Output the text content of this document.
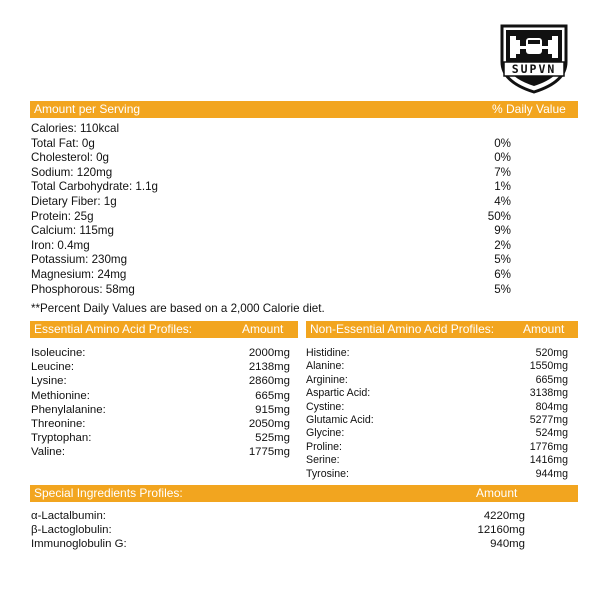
SUPVN
Amount per Serving	% Daily Value
Calories: 110kcal
Total Fat: 0g	0%
Cholesterol: 0g	0%
Sodium: 120mg	7%
Total Carbohydrate: 1.1g	1%
Dietary Fiber: 1g	4%
Protein: 25g	50%
Calcium: 115mg	9%
Iron: 0.4mg	2%
Potassium: 230mg	5%
Magnesium: 24mg	6%
Phosphorous: 58mg	5%
**Percent Daily Values are based on a 2,000 Calorie diet.
Essential Amino Acid Profiles:	Amount
Isoleucine:	2000mg
Leucine:	2138mg
Lysine:	2860mg
Methionine:	665mg
Phenylalanine:	915mg
Threonine:	2050mg
Tryptophan:	525mg
Valine:	1775mg
Non-Essential Amino Acid Profiles: Amount
Histidine:	520mg
Alanine:	1550mg
Arginine:	665mg
Aspartic Acid:	3138mg
Cystine:	804mg
Glutamic Acid:	5277mg
Glycine:	524mg
Proline:	1776mg
Serine:	1416mg
Tyrosine:	944mg
Special Ingredients Profiles:	Amount
α-Lactalbumin:	4220mg
β-Lactoglobulin:	12160mg
Immunoglobulin G:	940mg
